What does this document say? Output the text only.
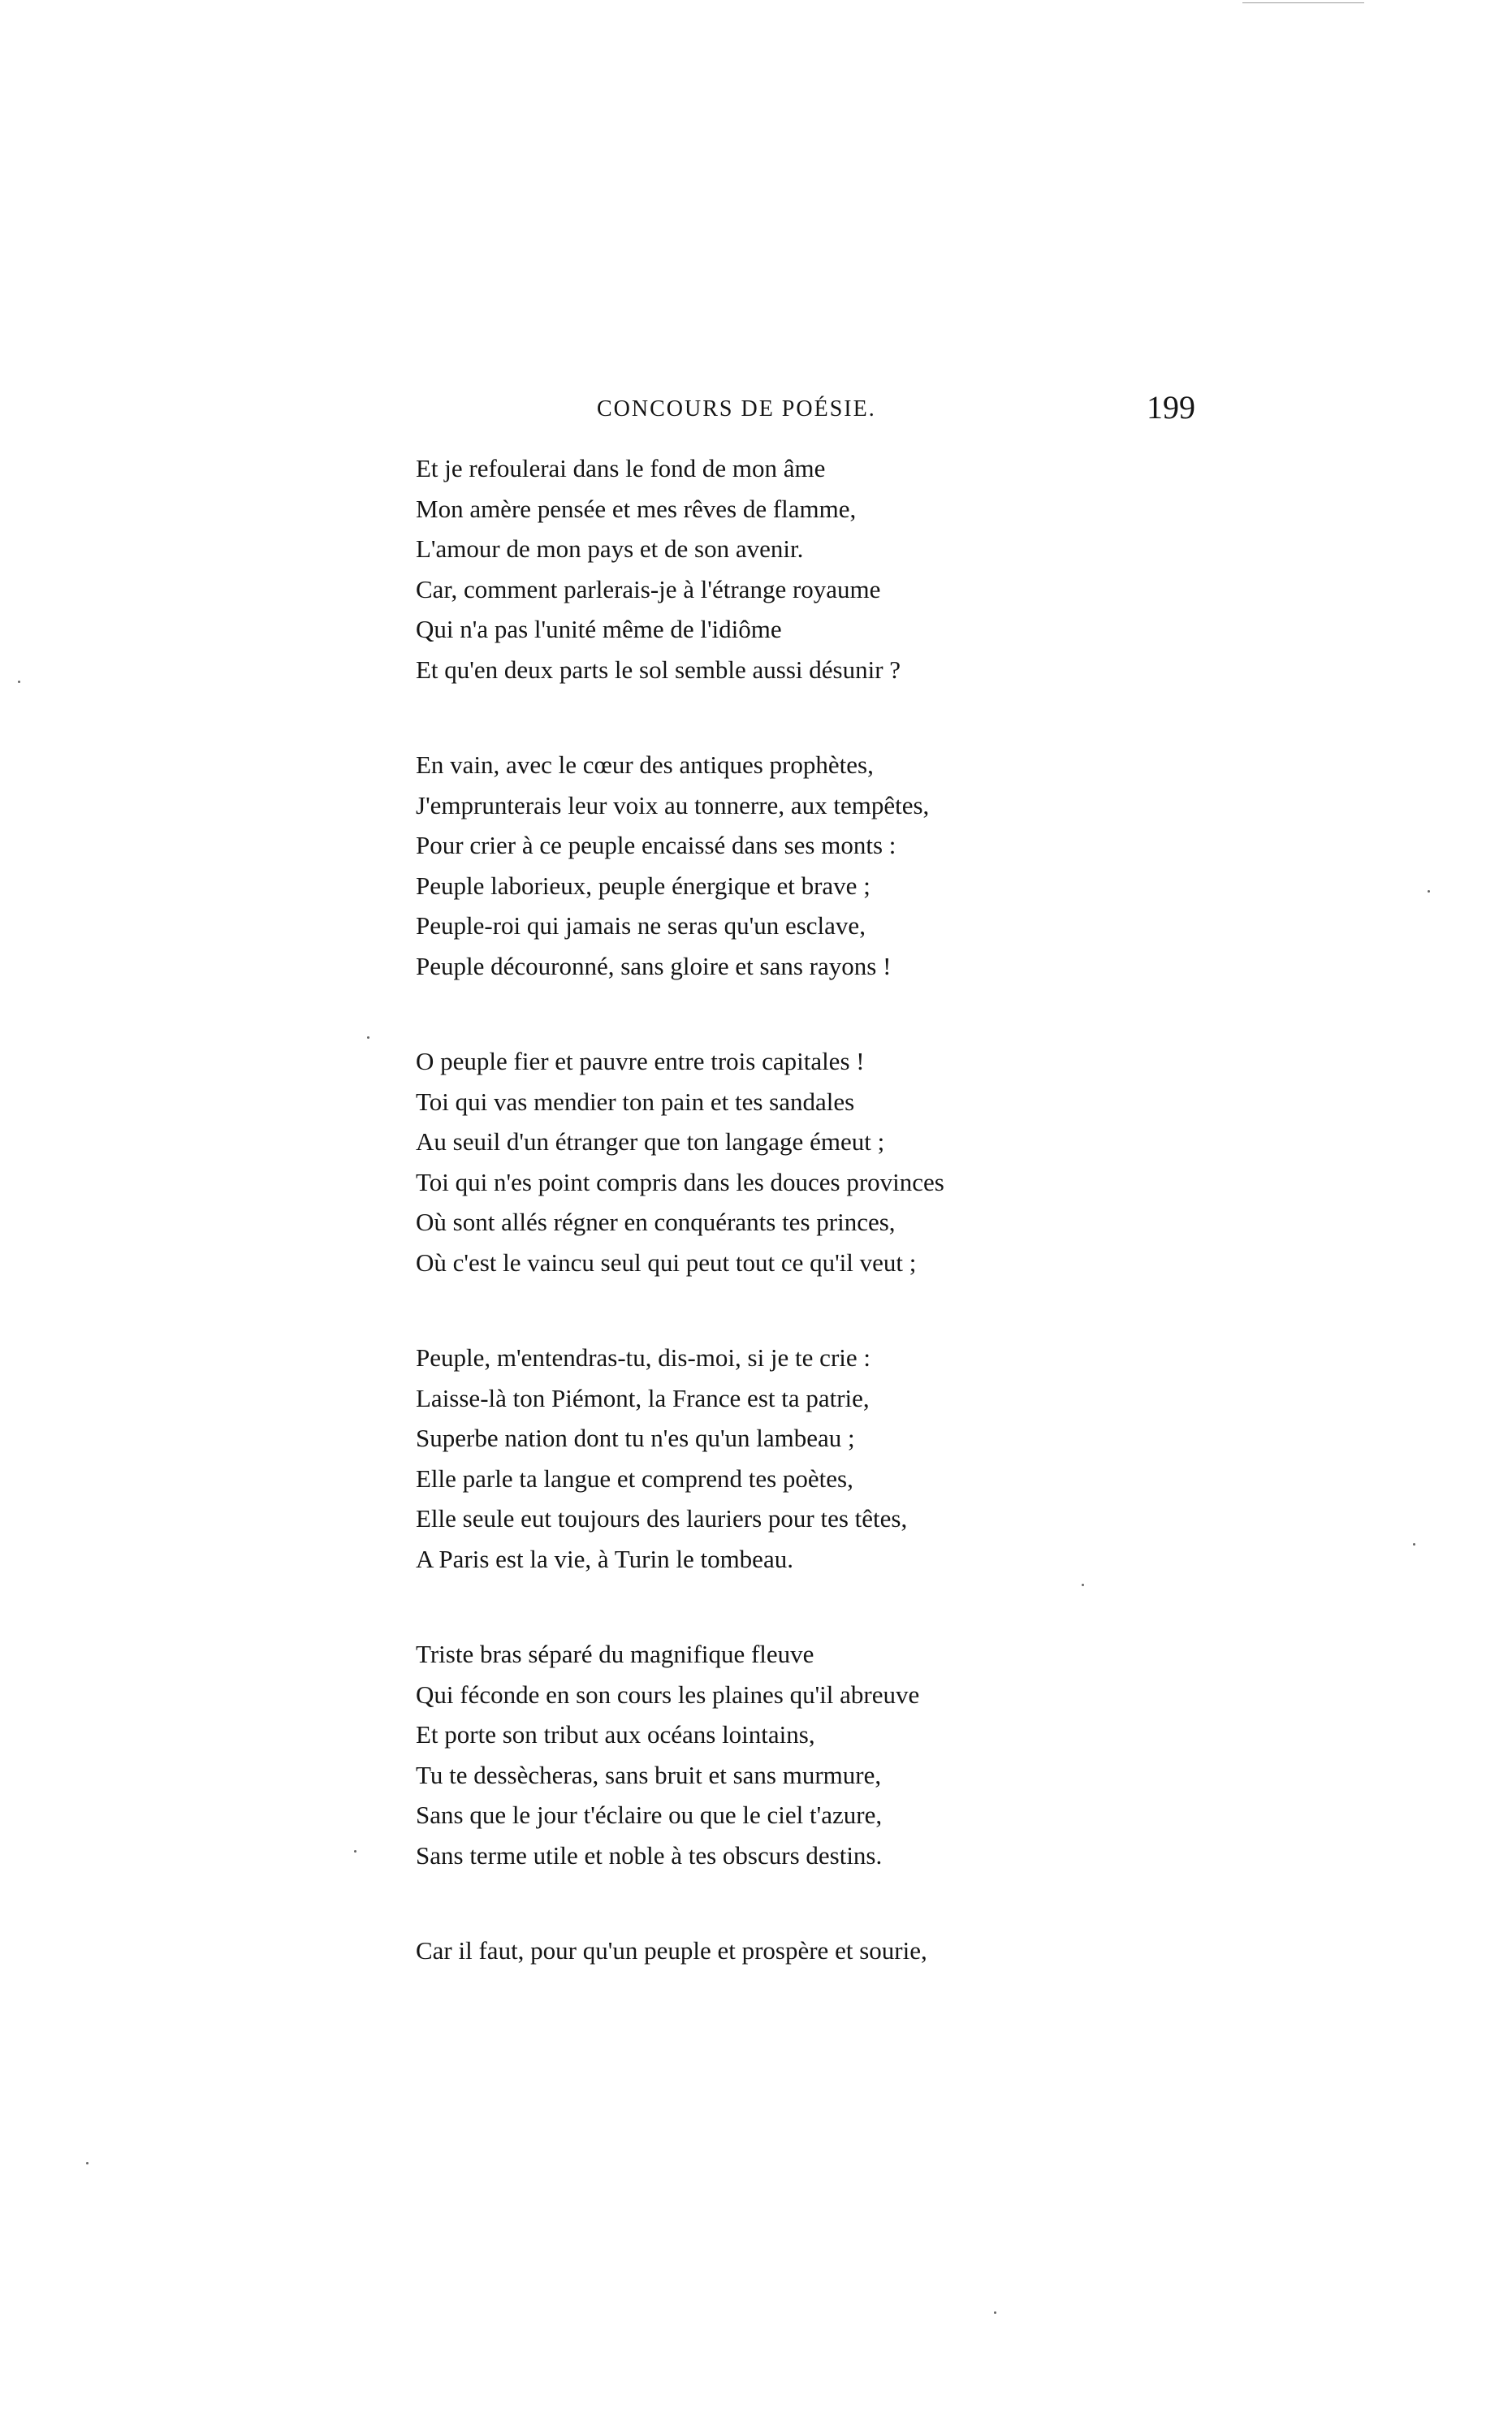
CONCOURS DE POÉSIE.	199
Et je refoulerai dans le fond de mon âme
Mon amère pensée et mes rêves de flamme,
L'amour de mon pays et de son avenir.
Car, comment parlerais-je à l'étrange royaume
Qui n'a pas l'unité même de l'idiôme
Et qu'en deux parts le sol semble aussi désunir ?
En vain, avec le cœur des antiques prophètes,
J'emprunterais leur voix au tonnerre, aux tempêtes,
Pour crier à ce peuple encaissé dans ses monts :
Peuple laborieux, peuple énergique et brave ;
Peuple-roi qui jamais ne seras qu'un esclave,
Peuple découronné, sans gloire et sans rayons !
O peuple fier et pauvre entre trois capitales !
Toi qui vas mendier ton pain et tes sandales
Au seuil d'un étranger que ton langage émeut ;
Toi qui n'es point compris dans les douces provinces
Où sont allés régner en conquérants tes princes,
Où c'est le vaincu seul qui peut tout ce qu'il veut ;
Peuple, m'entendras-tu, dis-moi, si je te crie :
Laisse-là ton Piémont, la France est ta patrie,
Superbe nation dont tu n'es qu'un lambeau ;
Elle parle ta langue et comprend tes poètes,
Elle seule eut toujours des lauriers pour tes têtes,
A Paris est la vie, à Turin le tombeau.
Triste bras séparé du magnifique fleuve
Qui féconde en son cours les plaines qu'il abreuve
Et porte son tribut aux océans lointains,
Tu te dessècheras, sans bruit et sans murmure,
Sans que le jour t'éclaire ou que le ciel t'azure,
Sans terme utile et noble à tes obscurs destins.
Car il faut, pour qu'un peuple et prospère et sourie,
